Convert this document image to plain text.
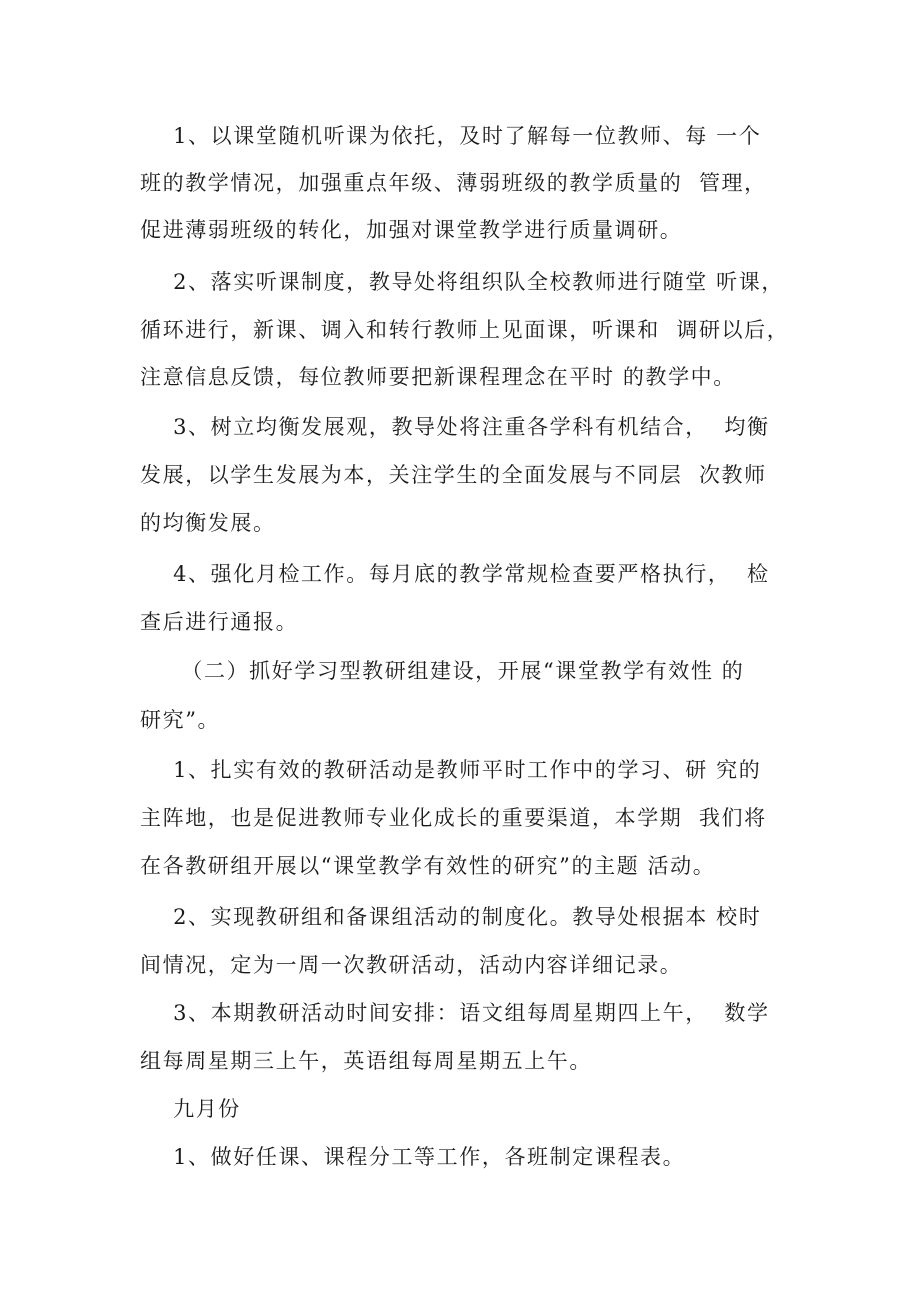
1、以课堂随机听课为依托，及时了解每一位教师、每 一个
班的教学情况，加强重点年级、薄弱班级的教学质量的  管理，
促进薄弱班级的转化，加强对课堂教学进行质量调研。
2、落实听课制度，教导处将组织队全校教师进行随堂 听课，
循环进行，新课、调入和转行教师上见面课，听课和  调研以后，
注意信息反馈，每位教师要把新课程理念在平时 的教学中。
3、树立均衡发展观，教导处将注重各学科有机结合，  均衡
发展，以学生发展为本，关注学生的全面发展与不同层  次教师
的均衡发展。
4、强化月检工作。每月底的教学常规检查要严格执行，  检
查后进行通报。
（二）抓好学习型教研组建设，开展“课堂教学有效性 的
研究”。
1、扎实有效的教研活动是教师平时工作中的学习、研 究的
主阵地，也是促进教师专业化成长的重要渠道，本学期  我们将
在各教研组开展以“课堂教学有效性的研究”的主题 活动。
2、实现教研组和备课组活动的制度化。教导处根据本 校时
间情况，定为一周一次教研活动，活动内容详细记录。
3、本期教研活动时间安排：语文组每周星期四上午，  数学
组每周星期三上午，英语组每周星期五上午。
九月份
1、做好任课、课程分工等工作，各班制定课程表。
